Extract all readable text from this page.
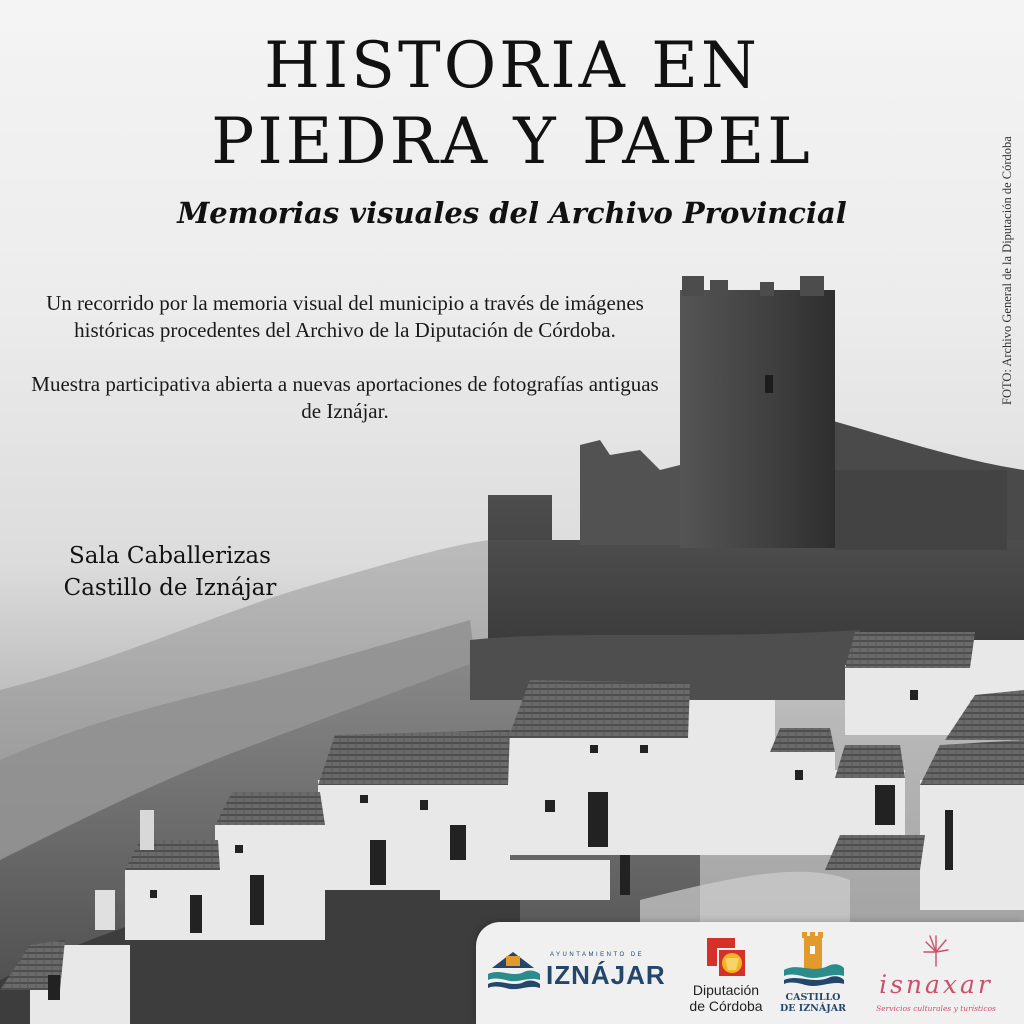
HISTORIA EN
PIEDRA Y PAPEL
Memorias visuales del Archivo Provincial

Un recorrido por la memoria visual del municipio a través de imágenes históricas procedentes del Archivo de la Diputación de Córdoba.

Muestra participativa abierta a nuevas aportaciones de fotografías antiguas de Iznájar.

Sala Caballerizas
Castillo de Iznájar
FOTO: Archivo General de la Diputación de Córdoba
AYUNTAMIENTO DE
IZNÁJAR	Diputación
de Córdoba
CASTILLO
DE IZNÁJAR
isnaxar
Servicios culturales y turísticos
